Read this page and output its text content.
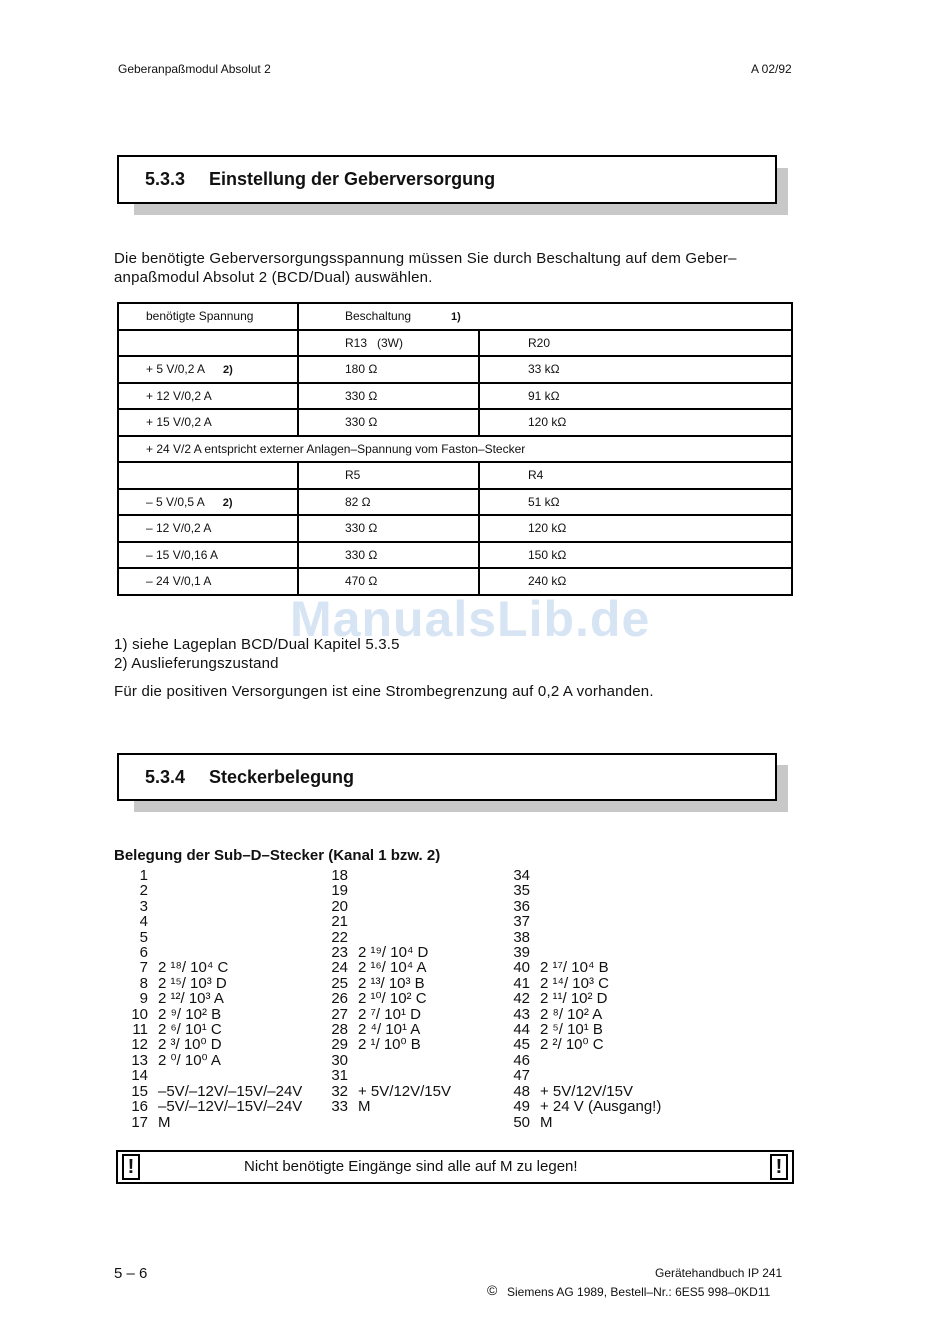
Geberanpaßmodul Absolut 2	A 02/92
5.3.3 Einstellung der Geberversorgung
Die benötigte Geberversorgungsspannung müssen Sie durch Beschaltung auf dem Geber–
anpaßmodul Absolut 2 (BCD/Dual) auswählen.
benötigte Spannung	Beschaltung 1)	
	R13   (3W)	R20
+ 5 V/0,2 A 2)	180 Ω	33 kΩ
+ 12 V/0,2 A	330 Ω	91 kΩ
+ 15 V/0,2 A	330 Ω	120 kΩ
+ 24 V/2 A entspricht externer Anlagen–Spannung vom Faston–Stecker		
	R5	R4
– 5 V/0,5 A 2)	82 Ω	51 kΩ
– 12 V/0,2 A	330 Ω	120 kΩ
– 15 V/0,16 A	330 Ω	150 kΩ
– 24 V/0,1 A	470 Ω	240 kΩ
ManualsLib.de
1) siehe Lageplan BCD/Dual Kapitel 5.3.5
2) Auslieferungszustand
Für die positiven Versorgungen ist eine Strombegrenzung auf 0,2 A vorhanden.
5.3.4 Steckerbelegung
Belegung der Sub–D–Stecker (Kanal 1 bzw. 2)
1
2
3
4
5
6
7 2 ¹⁸/ 10⁴ C
8 2 ¹⁵/ 10³ D
9 2 ¹²/ 10³ A
10 2 ⁹/ 10² B
11 2 ⁶/ 10¹ C
12 2 ³/ 10⁰ D
13 2 ⁰/ 10⁰ A
14
15 –5V/–12V/–15V/–24V
16 –5V/–12V/–15V/–24V
17 M
18
19
20
21
22
23 2 ¹⁹/ 10⁴ D
24 2 ¹⁶/ 10⁴ A
25 2 ¹³/ 10³ B
26 2 ¹⁰/ 10² C
27 2 ⁷/ 10¹ D
28 2 ⁴/ 10¹ A
29 2 ¹/ 10⁰ B
30
31
32 + 5V/12V/15V
33 M
34
35
36
37
38
39
40 2 ¹⁷/ 10⁴ B
41 2 ¹⁴/ 10³ C
42 2 ¹¹/ 10² D
43 2 ⁸/ 10² A
44 2 ⁵/ 10¹ B
45 2 ²/ 10⁰ C
46
47
48 + 5V/12V/15V
49 + 24 V (Ausgang!)
50 M
!	Nicht benötigte Eingänge sind alle auf M zu legen!	!
5 – 6	Gerätehandbuch IP 241
© Siemens AG 1989, Bestell–Nr.: 6ES5 998–0KD11
